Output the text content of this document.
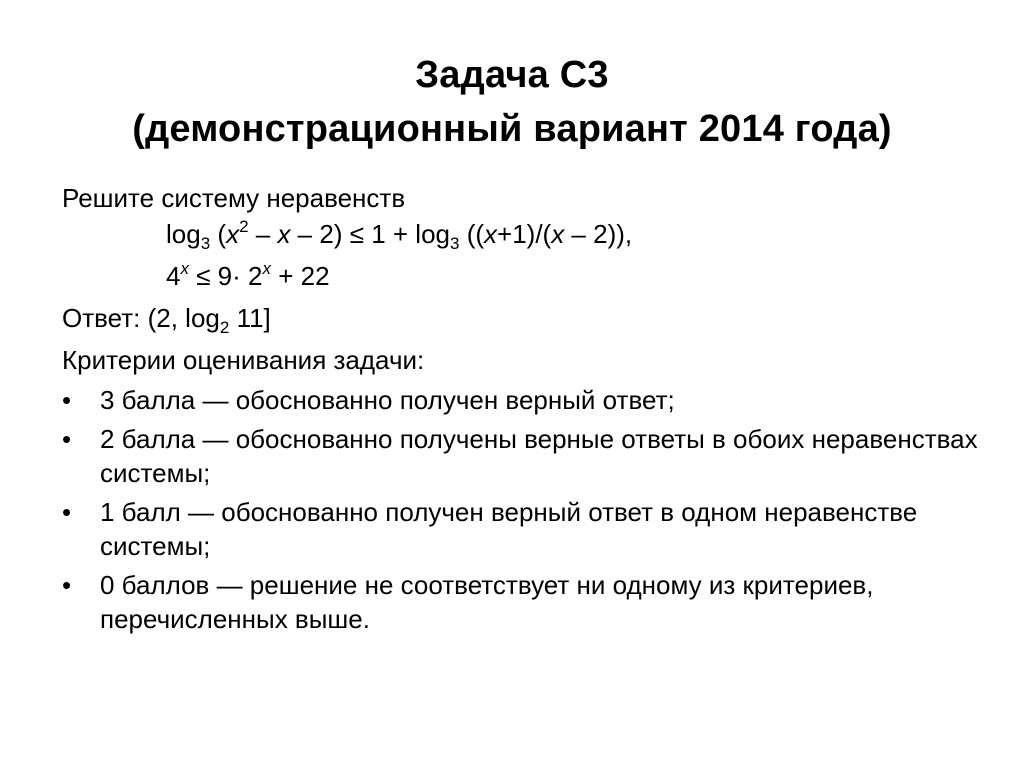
Задача С3
(демонстрационный вариант 2014 года)

Решите систему неравенств

$\log_3 (x^2 - x - 2) \le 1 + \log_3 ((x+1)/(x - 2))$,

$4^x \le 9\cdot 2^x + 22$

Ответ: (2, $\log_2 11$]

Критерии оценивания задачи:

• 3 балла — обоснованно получен верный ответ;
• 2 балла — обоснованно получены верные ответы в обоих неравенствах системы;
• 1 балл — обоснованно получен верный ответ в одном неравенстве системы;
• 0 баллов — решение не соответствует ни одному из критериев, перечисленных выше.
